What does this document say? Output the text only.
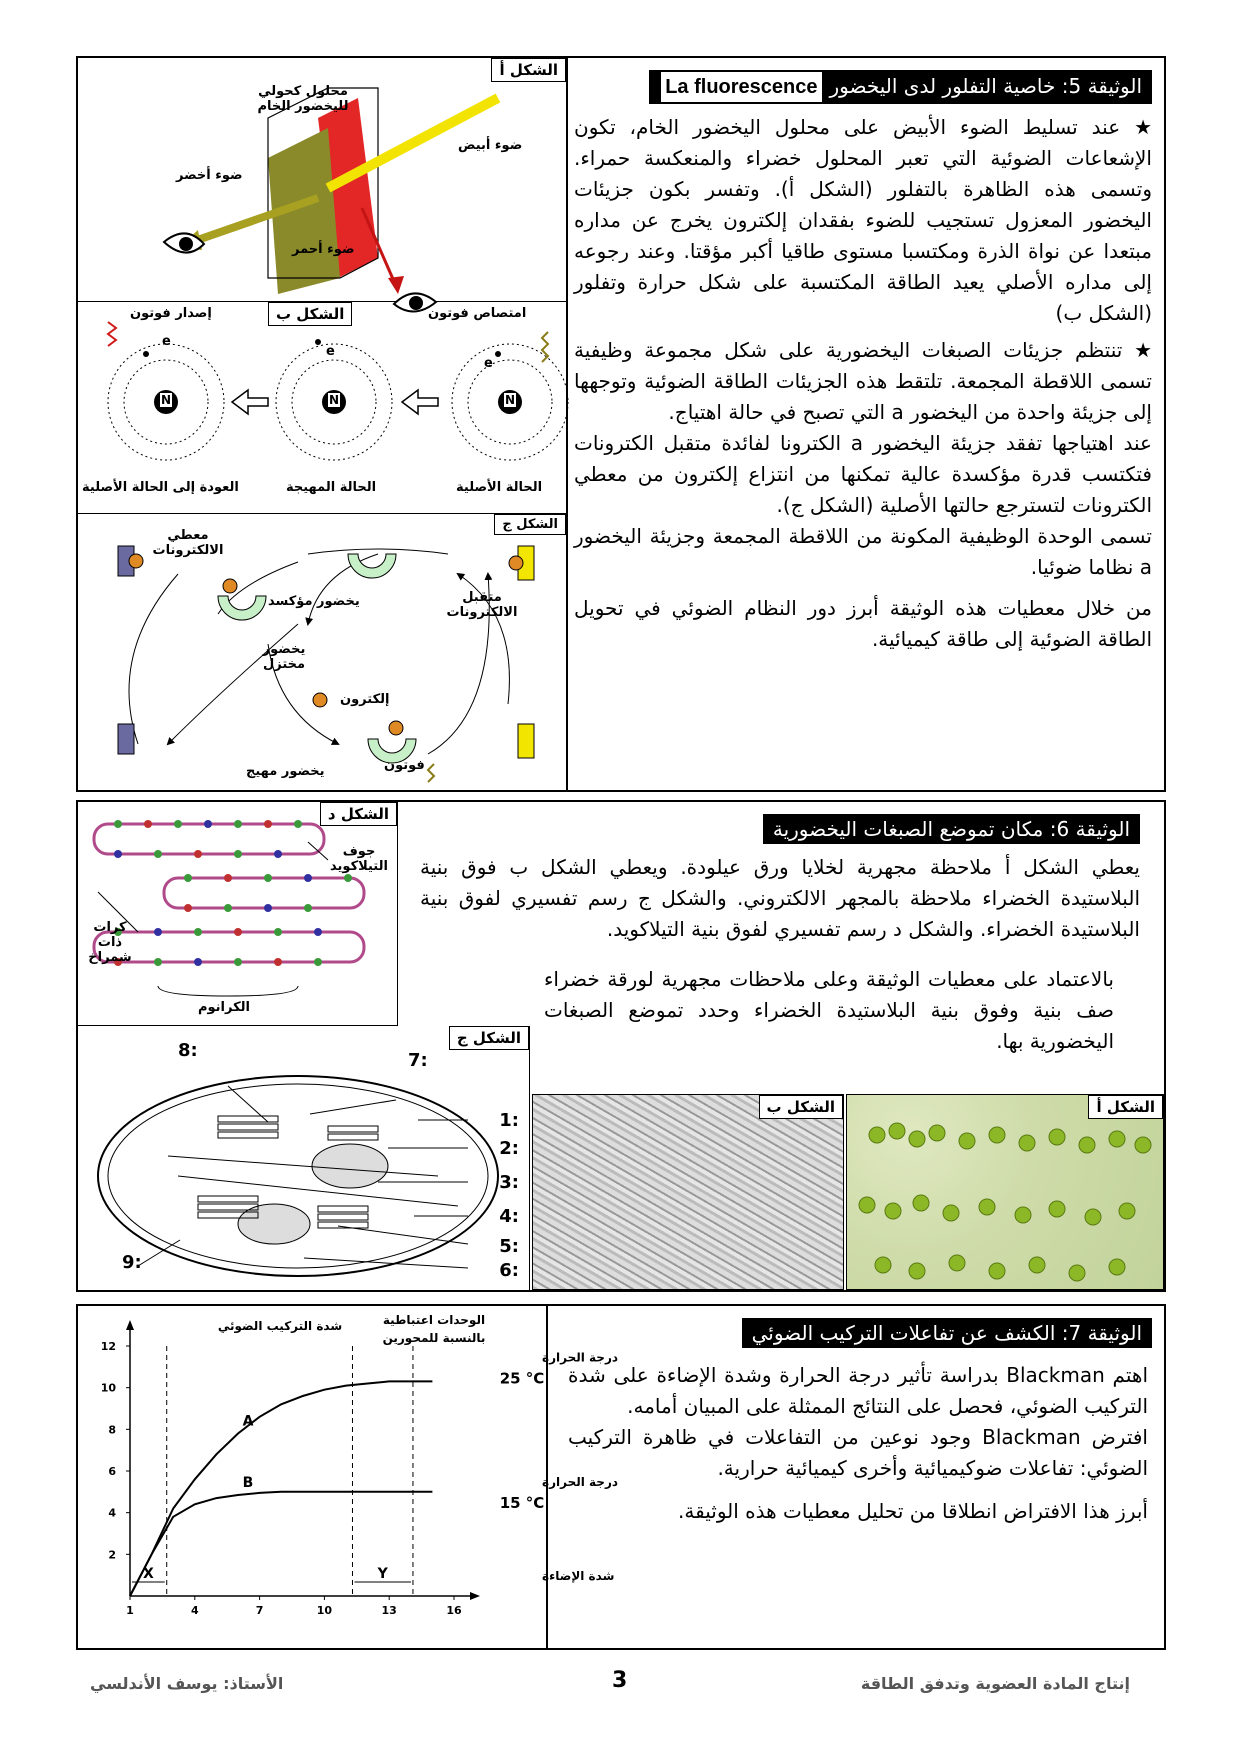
الوثيقة 5: خاصية التفلور لدى اليخضورLa fluorescence

★ عند تسليط الضوء الأبيض على محلول اليخضور الخام، تكون الإشعاعات الضوئية التي تعبر المحلول خضراء والمنعكسة حمراء. وتسمى هذه الظاهرة بالتفلور (الشكل أ). وتفسر بكون جزيئات اليخضور المعزول تستجيب للضوء بفقدان إلكترون يخرج عن مداره مبتعدا عن نواة الذرة ومكتسبا مستوى طاقيا أكبر مؤقتا. وعند رجوعه إلى مداره الأصلي يعيد الطاقة المكتسبة على شكل حرارة وتفلور (الشكل ب)

★ تنتظم جزيئات الصبغات اليخضورية على شكل مجموعة وظيفية تسمى اللاقطة المجمعة. تلتقط هذه الجزيئات الطاقة الضوئية وتوجهها إلى جزيئة واحدة من اليخضور a التي تصبح في حالة اهتياج.

عند اهتياجها تفقد جزيئة اليخضور a الكترونا لفائدة متقبل الكترونات فتكتسب قدرة مؤكسدة عالية تمكنها من انتزاع إلكترون من معطي الكترونات لتسترجع حالتها الأصلية (الشكل ج).

تسمى الوحدة الوظيفية المكونة من اللاقطة المجمعة وجزيئة اليخضور a نظاما ضوئيا.

من خلال معطيات هذه الوثيقة أبرز دور النظام الضوئي في تحويل الطاقة الضوئية إلى طاقة كيميائية.

الشكل أ
محلول كحولي لليخضور الخام
ضوء أبيض
ضوء أخضر
ضوء أحمر
الشكل ب	امتصاص فوتون
إصدار فوتون
الحالة الأصلية
الحالة المهيجة
العودة إلى الحالة الأصلية
N
N
N
e
e
e
الشكل ج
معطي الالكترونات
متقبل الالكترونات
يخضور مؤكسد
يخضور مختزل
إلكترون
فوتون
يخضور مهيج
الوثيقة 6: مكان تموضع الصبغات اليخضورية
يعطي الشكل أ ملاحظة مجهرية لخلايا ورق عيلودة. ويعطي الشكل ب فوق بنية البلاستيدة الخضراء ملاحظة بالمجهر الالكتروني. والشكل ج رسم تفسيري لفوق بنية البلاستيدة الخضراء. والشكل د رسم تفسيري لفوق بنية التيلاكويد.
بالاعتماد على معطيات الوثيقة وعلى ملاحظات مجهرية لورقة خضراء صف بنية وفوق بنية البلاستيدة الخضراء وحدد تموضع الصبغات اليخضورية بها.
الشكل د
جوف التيلاكويد
كرات ذات شمراخ
الكرانوم
الشكل ج
:1
:2
:3
:4
:5
:6
:7
:8
:9
الشكل ب	الشكل أ
الوثيقة 7: الكشف عن تفاعلات التركيب الضوئي

اهتم Blackman بدراسة تأثير درجة الحرارة وشدة الإضاءة على شدة التركيب الضوئي، فحصل على النتائج الممثلة على المبيان أمامه.

افترض Blackman وجود نوعين من التفاعلات في ظاهرة التركيب الضوئي: تفاعلات ضوكيميائية وأخرى كيميائية حرارية.

أبرز هذا الافتراض انطلاقا من تحليل معطيات هذه الوثيقة.

2
4
6
8
10
12
1	4	7	10	13	16
X	Y
A
درجة الحرارة
25 °C
B	درجة الحرارة
15 °C
شدة التركيب الضوئي	الوحدات اعتباطية
بالنسبة للمحورين
شدة الإضاءة
إنتاج المادة العضوية وتدفق الطاقة
3
الأستاذ: يوسف الأندلسي
